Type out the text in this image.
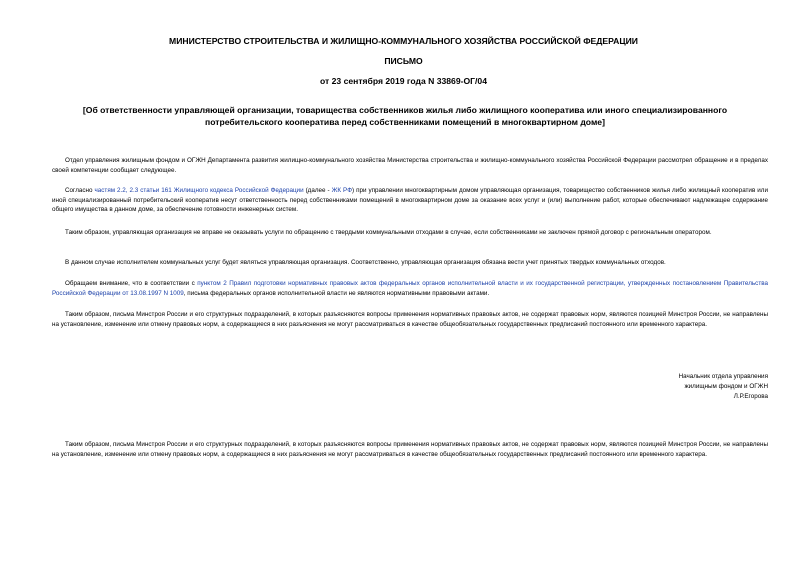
МИНИСТЕРСТВО СТРОИТЕЛЬСТВА И ЖИЛИЩНО-КОММУНАЛЬНОГО ХОЗЯЙСТВА РОССИЙСКОЙ ФЕДЕРАЦИИ

ПИСЬМО

от 23 сентября 2019 года N 33869-ОГ/04

[Об ответственности управляющей организации, товарищества собственников жилья либо жилищного кооператива или иного специализированного

потребительского кооператива перед собственниками помещений в многоквартирном доме]

Отдел управления жилищным фондом и ОГЖН Департамента развития жилищно-коммунального хозяйства Министерства строительства и жилищно-коммунального хозяйства Российской Федерации рассмотрел обращение и в пределах своей компетенции сообщает следующее.

Согласно частям 2.2, 2.3 статьи 161 Жилищного кодекса Российской Федерации (далее - ЖК РФ) при управлении многоквартирным домом управляющая организация, товарищество собственников жилья либо жилищный кооператив или иной специализированный потребительский кооператив несут ответственность перед собственниками помещений в многоквартирном доме за оказание всех услуг и (или) выполнение работ, которые обеспечивают надлежащее содержание общего имущества в данном доме, за обеспечение готовности инженерных систем.

Таким образом, управляющая организация не вправе не оказывать услуги по обращению с твердыми коммунальными отходами в случае, если собственниками не заключен прямой договор с региональным оператором.

В данном случае исполнителем коммунальных услуг будет являться управляющая организация. Соответственно, управляющая организация обязана вести учет принятых твердых коммунальных отходов.

Обращаем внимание, что в соответствии с пунктом 2 Правил подготовки нормативных правовых актов федеральных органов исполнительной власти и их государственной регистрации, утвержденных постановлением Правительства Российской Федерации от 13.08.1997 N 1009, письма федеральных органов исполнительной власти не являются нормативными правовыми актами.

Таким образом, письма Минстроя России и его структурных подразделений, в которых разъясняются вопросы применения нормативных правовых актов, не содержат правовых норм, являются позицией Минстроя России, не направлены на установление, изменение или отмену правовых норм, а содержащиеся в них разъяснения не могут рассматриваться в качестве общеобязательных государственных предписаний постоянного или временного характера.

Начальник отдела управления
жилищным фондом и ОГЖН
Л.Р.Егорова

Таким образом, письма Минстроя России и его структурных подразделений, в которых разъясняются вопросы применения нормативных правовых актов, не содержат правовых норм, являются позицией Минстроя России, не направлены на установление, изменение или отмену правовых норм, а содержащиеся в них разъяснения не могут рассматриваться в качестве общеобязательных государственных предписаний постоянного или временного характера.
